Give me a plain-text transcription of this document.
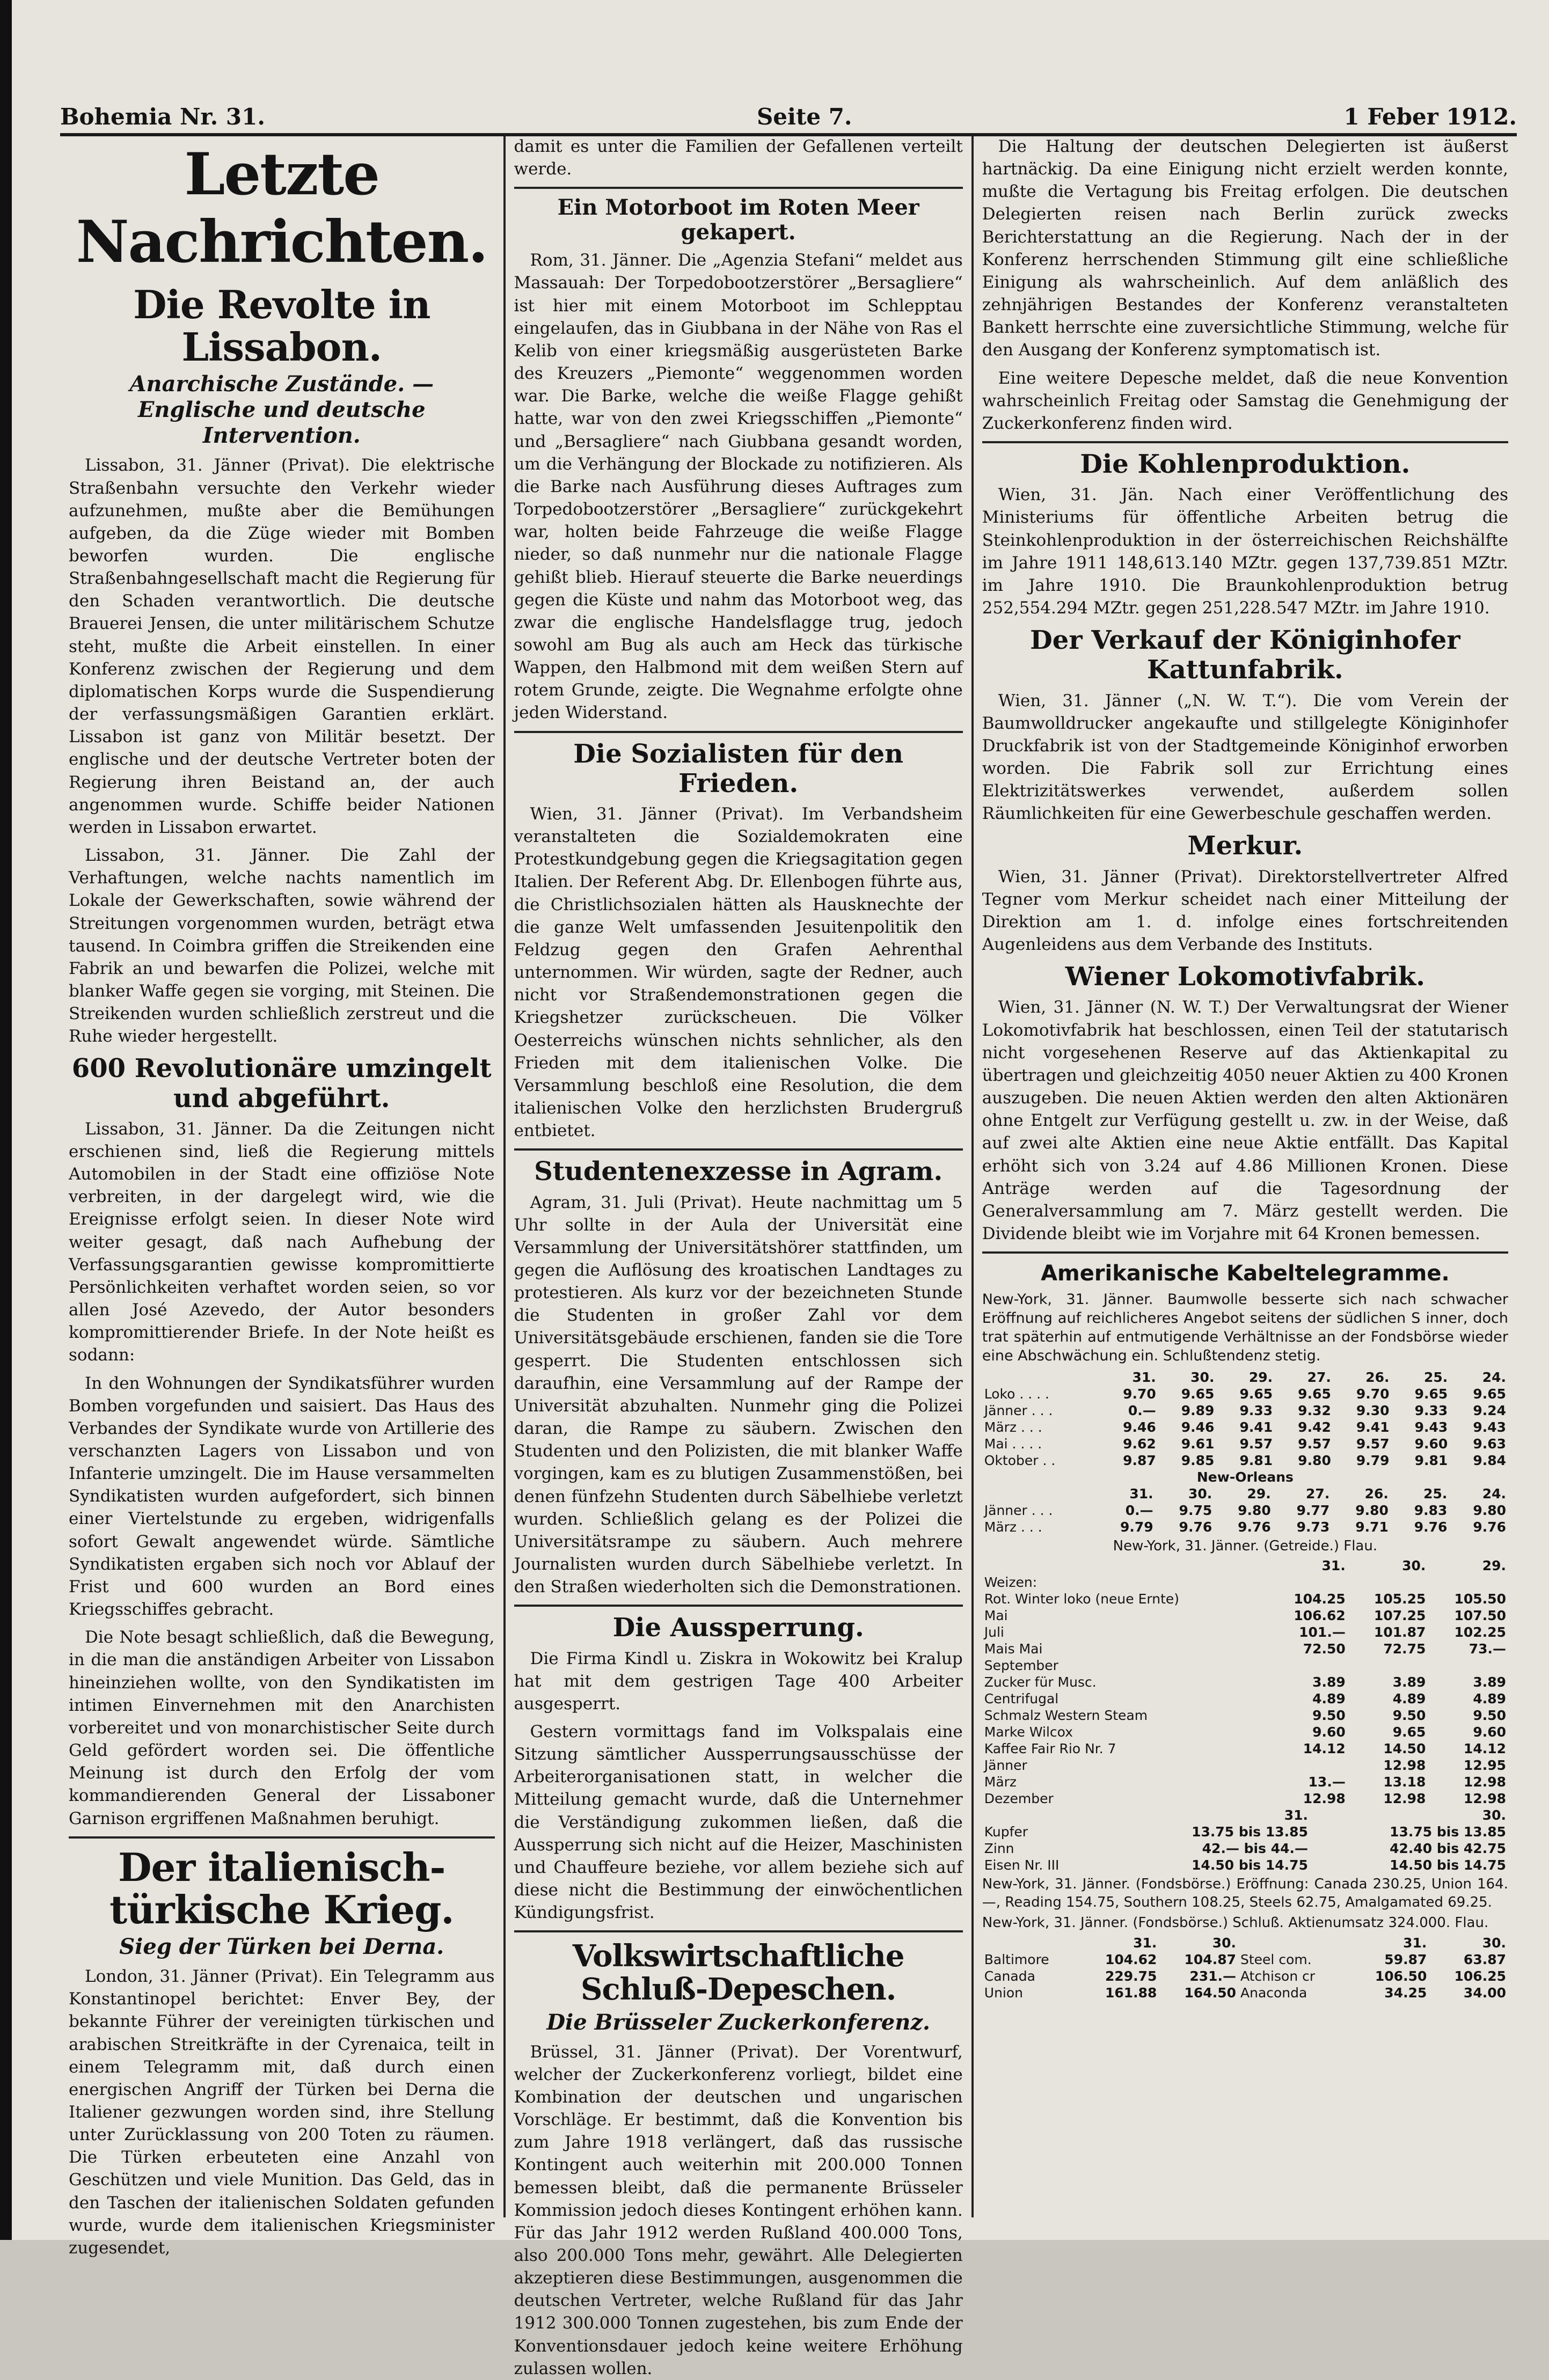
Bohemia Nr. 31.	Seite 7.	1 Feber 1912.
Letzte Nachrichten.
Die Revolte in Lissabon.
Anarchische Zustände. — Englische und deutsche Intervention.

Lissabon, 31. Jänner (Privat). Die elektrische Straßenbahn versuchte den Verkehr wieder aufzunehmen, mußte aber die Bemühungen aufgeben, da die Züge wieder mit Bomben beworfen wurden. Die englische Straßenbahngesellschaft macht die Regierung für den Schaden verantwortlich. Die deutsche Brauerei Jensen, die unter militärischem Schutze steht, mußte die Arbeit einstellen. In einer Konferenz zwischen der Regierung und dem diplomatischen Korps wurde die Suspendierung der verfassungsmäßigen Garantien erklärt. Lissabon ist ganz von Militär besetzt. Der englische und der deutsche Vertreter boten der Regierung ihren Beistand an, der auch angenommen wurde. Schiffe beider Nationen werden in Lissabon erwartet.

Lissabon, 31. Jänner. Die Zahl der Verhaftungen, welche nachts namentlich im Lokale der Gewerkschaften, sowie während der Streitungen vorgenommen wurden, beträgt etwa tausend. In Coimbra griffen die Streikenden eine Fabrik an und bewarfen die Polizei, welche mit blanker Waffe gegen sie vorging, mit Steinen. Die Streikenden wurden schließlich zerstreut und die Ruhe wieder hergestellt.

600 Revolutionäre umzingelt und abgeführt.

Lissabon, 31. Jänner. Da die Zeitungen nicht erschienen sind, ließ die Regierung mittels Automobilen in der Stadt eine offiziöse Note verbreiten, in der dargelegt wird, wie die Ereignisse erfolgt seien. In dieser Note wird weiter gesagt, daß nach Aufhebung der Verfassungsgarantien gewisse kompromittierte Persönlichkeiten verhaftet worden seien, so vor allen José Azevedo, der Autor besonders kompromittierender Briefe. In der Note heißt es sodann:

In den Wohnungen der Syndikatsführer wurden Bomben vorgefunden und saisiert. Das Haus des Verbandes der Syndikate wurde von Artillerie des verschanzten Lagers von Lissabon und von Infanterie umzingelt. Die im Hause versammelten Syndikatisten wurden aufgefordert, sich binnen einer Viertelstunde zu ergeben, widrigenfalls sofort Gewalt angewendet würde. Sämtliche Syndikatisten ergaben sich noch vor Ablauf der Frist und 600 wurden an Bord eines Kriegsschiffes gebracht.

Die Note besagt schließlich, daß die Bewegung, in die man die anständigen Arbeiter von Lissabon hineinziehen wollte, von den Syndikatisten im intimen Einvernehmen mit den Anarchisten vorbereitet und von monarchistischer Seite durch Geld gefördert worden sei. Die öffentliche Meinung ist durch den Erfolg der vom kommandierenden General der Lissaboner Garnison ergriffenen Maßnahmen beruhigt.

Der italienisch-türkische Krieg.
Sieg der Türken bei Derna.

London, 31. Jänner (Privat). Ein Telegramm aus Konstantinopel berichtet: Enver Bey, der bekannte Führer der vereinigten türkischen und arabischen Streitkräfte in der Cyrenaica, teilt in einem Telegramm mit, daß durch einen energischen Angriff der Türken bei Derna die Italiener gezwungen worden sind, ihre Stellung unter Zurücklassung von 200 Toten zu räumen. Die Türken erbeuteten eine Anzahl von Geschützen und viele Munition. Das Geld, das in den Taschen der italienischen Soldaten gefunden wurde, wurde dem italienischen Kriegsminister zugesendet,

damit es unter die Familien der Gefallenen verteilt werde.

Ein Motorboot im Roten Meer gekapert.

Rom, 31. Jänner. Die „Agenzia Stefani“ meldet aus Massauah: Der Torpedobootzerstörer „Bersagliere“ ist hier mit einem Motorboot im Schlepptau eingelaufen, das in Giubbana in der Nähe von Ras el Kelib von einer kriegsmäßig ausgerüsteten Barke des Kreuzers „Piemonte“ weggenommen worden war. Die Barke, welche die weiße Flagge gehißt hatte, war von den zwei Kriegsschiffen „Piemonte“ und „Bersagliere“ nach Giubbana gesandt worden, um die Verhängung der Blockade zu notifizieren. Als die Barke nach Ausführung dieses Auftrages zum Torpedobootzerstörer „Bersagliere“ zurückgekehrt war, holten beide Fahrzeuge die weiße Flagge nieder, so daß nunmehr nur die nationale Flagge gehißt blieb. Hierauf steuerte die Barke neuerdings gegen die Küste und nahm das Motorboot weg, das zwar die englische Handelsflagge trug, jedoch sowohl am Bug als auch am Heck das türkische Wappen, den Halbmond mit dem weißen Stern auf rotem Grunde, zeigte. Die Wegnahme erfolgte ohne jeden Widerstand.

Die Sozialisten für den Frieden.

Wien, 31. Jänner (Privat). Im Verbandsheim veranstalteten die Sozialdemokraten eine Protestkundgebung gegen die Kriegsagitation gegen Italien. Der Referent Abg. Dr. Ellenbogen führte aus, die Christlichsozialen hätten als Hausknechte der die ganze Welt umfassenden Jesuitenpolitik den Feldzug gegen den Grafen Aehrenthal unternommen. Wir würden, sagte der Redner, auch nicht vor Straßendemonstrationen gegen die Kriegshetzer zurückscheuen. Die Völker Oesterreichs wünschen nichts sehnlicher, als den Frieden mit dem italienischen Volke. Die Versammlung beschloß eine Resolution, die dem italienischen Volke den herzlichsten Brudergruß entbietet.

Studentenexzesse in Agram.

Agram, 31. Juli (Privat). Heute nachmittag um 5 Uhr sollte in der Aula der Universität eine Versammlung der Universitätshörer stattfinden, um gegen die Auflösung des kroatischen Landtages zu protestieren. Als kurz vor der bezeichneten Stunde die Studenten in großer Zahl vor dem Universitätsgebäude erschienen, fanden sie die Tore gesperrt. Die Studenten entschlossen sich daraufhin, eine Versammlung auf der Rampe der Universität abzuhalten. Nunmehr ging die Polizei daran, die Rampe zu säubern. Zwischen den Studenten und den Polizisten, die mit blanker Waffe vorgingen, kam es zu blutigen Zusammenstößen, bei denen fünfzehn Studenten durch Säbelhiebe verletzt wurden. Schließlich gelang es der Polizei die Universitätsrampe zu säubern. Auch mehrere Journalisten wurden durch Säbelhiebe verletzt. In den Straßen wiederholten sich die Demonstrationen.

Die Aussperrung.

Die Firma Kindl u. Ziskra in Wokowitz bei Kralup hat mit dem gestrigen Tage 400 Arbeiter ausgesperrt.

Gestern vormittags fand im Volkspalais eine Sitzung sämtlicher Aussperrungsausschüsse der Arbeiterorganisationen statt, in welcher die Mitteilung gemacht wurde, daß die Unternehmer die Verständigung zukommen ließen, daß die Aussperrung sich nicht auf die Heizer, Maschinisten und Chauffeure beziehe, vor allem beziehe sich auf diese nicht die Bestimmung der einwöchentlichen Kündigungsfrist.

Volkswirtschaftliche Schluß-Depeschen.
Die Brüsseler Zuckerkonferenz.

Brüssel, 31. Jänner (Privat). Der Vorentwurf, welcher der Zuckerkonferenz vorliegt, bildet eine Kombination der deutschen und ungarischen Vorschläge. Er bestimmt, daß die Konvention bis zum Jahre 1918 verlängert, daß das russische Kontingent auch weiterhin mit 200.000 Tonnen bemessen bleibt, daß die permanente Brüsseler Kommission jedoch dieses Kontingent erhöhen kann. Für das Jahr 1912 werden Rußland 400.000 Tons, also 200.000 Tons mehr, gewährt. Alle Delegierten akzeptieren diese Bestimmungen, ausgenommen die deutschen Vertreter, welche Rußland für das Jahr 1912 300.000 Tonnen zugestehen, bis zum Ende der Konventionsdauer jedoch keine weitere Erhöhung zulassen wollen.

Die Haltung der deutschen Delegierten ist äußerst hartnäckig. Da eine Einigung nicht erzielt werden konnte, mußte die Vertagung bis Freitag erfolgen. Die deutschen Delegierten reisen nach Berlin zurück zwecks Berichterstattung an die Regierung. Nach der in der Konferenz herrschenden Stimmung gilt eine schließliche Einigung als wahrscheinlich. Auf dem anläßlich des zehnjährigen Bestandes der Konferenz veranstalteten Bankett herrschte eine zuversichtliche Stimmung, welche für den Ausgang der Konferenz symptomatisch ist.

Eine weitere Depesche meldet, daß die neue Konvention wahrscheinlich Freitag oder Samstag die Genehmigung der Zuckerkonferenz finden wird.

Die Kohlenproduktion.

Wien, 31. Jän. Nach einer Veröffentlichung des Ministeriums für öffentliche Arbeiten betrug die Steinkohlenproduktion in der österreichischen Reichshälfte im Jahre 1911 148,613.140 MZtr. gegen 137,739.851 MZtr. im Jahre 1910. Die Braunkohlenproduktion betrug 252,554.294 MZtr. gegen 251,228.547 MZtr. im Jahre 1910.

Der Verkauf der Königinhofer Kattunfabrik.

Wien, 31. Jänner („N. W. T.“). Die vom Verein der Baumwolldrucker angekaufte und stillgelegte Königinhofer Druckfabrik ist von der Stadtgemeinde Königinhof erworben worden. Die Fabrik soll zur Errichtung eines Elektrizitätswerkes verwendet, außerdem sollen Räumlichkeiten für eine Gewerbeschule geschaffen werden.

Merkur.

Wien, 31. Jänner (Privat). Direktorstellvertreter Alfred Tegner vom Merkur scheidet nach einer Mitteilung der Direktion am 1. d. infolge eines fortschreitenden Augenleidens aus dem Verbande des Instituts.

Wiener Lokomotivfabrik.

Wien, 31. Jänner (N. W. T.) Der Verwaltungsrat der Wiener Lokomotivfabrik hat beschlossen, einen Teil der statutarisch nicht vorgesehenen Reserve auf das Aktienkapital zu übertragen und gleichzeitig 4050 neuer Aktien zu 400 Kronen auszugeben. Die neuen Aktien werden den alten Aktionären ohne Entgelt zur Verfügung gestellt u. zw. in der Weise, daß auf zwei alte Aktien eine neue Aktie entfällt. Das Kapital erhöht sich von 3.24 auf 4.86 Millionen Kronen. Diese Anträge werden auf die Tagesordnung der Generalversammlung am 7. März gestellt werden. Die Dividende bleibt wie im Vorjahre mit 64 Kronen bemessen.

Amerikanische Kabeltelegramme.
New-York, 31. Jänner. Baumwolle besserte sich nach schwacher Eröffnung auf reichlicheres Angebot seitens der südlichen S inner, doch trat späterhin auf entmutigende Verhältnisse an der Fondsbörse wieder eine Abschwächung ein. Schlußtendenz stetig.
	31.	30.	29.	27.	26.	25.	24.
Loko . . . .	9.70	9.65	9.65	9.65	9.70	9.65	9.65
Jänner . . .	0.—	9.89	9.33	9.32	9.30	9.33	9.24
März . . .	9.46	9.46	9.41	9.42	9.41	9.43	9.43
Mai . . . .	9.62	9.61	9.57	9.57	9.57	9.60	9.63
Oktober . .	9.87	9.85	9.81	9.80	9.79	9.81	9.84
New-Orleans							
	31.	30.	29.	27.	26.	25.	24.
Jänner . . .	0.—	9.75	9.80	9.77	9.80	9.83	9.80
März . . .	9.79	9.76	9.76	9.73	9.71	9.76	9.76
New-York, 31. Jänner. (Getreide.) Flau.
	31.	30.	29.
Weizen:			
Rot. Winter loko (neue Ernte)	104.25	105.25	105.50
Mai	106.62	107.25	107.50
Juli	101.—	101.87	102.25
Mais Mai	72.50	72.75	73.—
September			
Zucker für Musc.	3.89	3.89	3.89
Centrifugal	4.89	4.89	4.89
Schmalz Western Steam	9.50	9.50	9.50
Marke Wilcox	9.60	9.65	9.60
Kaffee Fair Rio Nr. 7	14.12	14.50	14.12
Jänner		12.98	12.95
März	13.—	13.18	12.98
Dezember	12.98	12.98	12.98
	31.	30.
Kupfer	13.75 bis 13.85	13.75 bis 13.85
Zinn	42.— bis 44.—	42.40 bis 42.75
Eisen Nr. III	14.50 bis 14.75	14.50 bis 14.75
New-York, 31. Jänner. (Fondsbörse.) Eröffnung: Canada 230.25, Union 164.—, Reading 154.75, Southern 108.25, Steels 62.75, Amalgamated 69.25.
New-York, 31. Jänner. (Fondsbörse.) Schluß. Aktienumsatz 324.000. Flau.
	31.	30.		31.	30.
Baltimore	104.62	104.87	Steel com.	59.87	63.87
Canada	229.75	231.—	Atchison cr	106.50	106.25
Union	161.88	164.50	Anaconda	34.25	34.00
